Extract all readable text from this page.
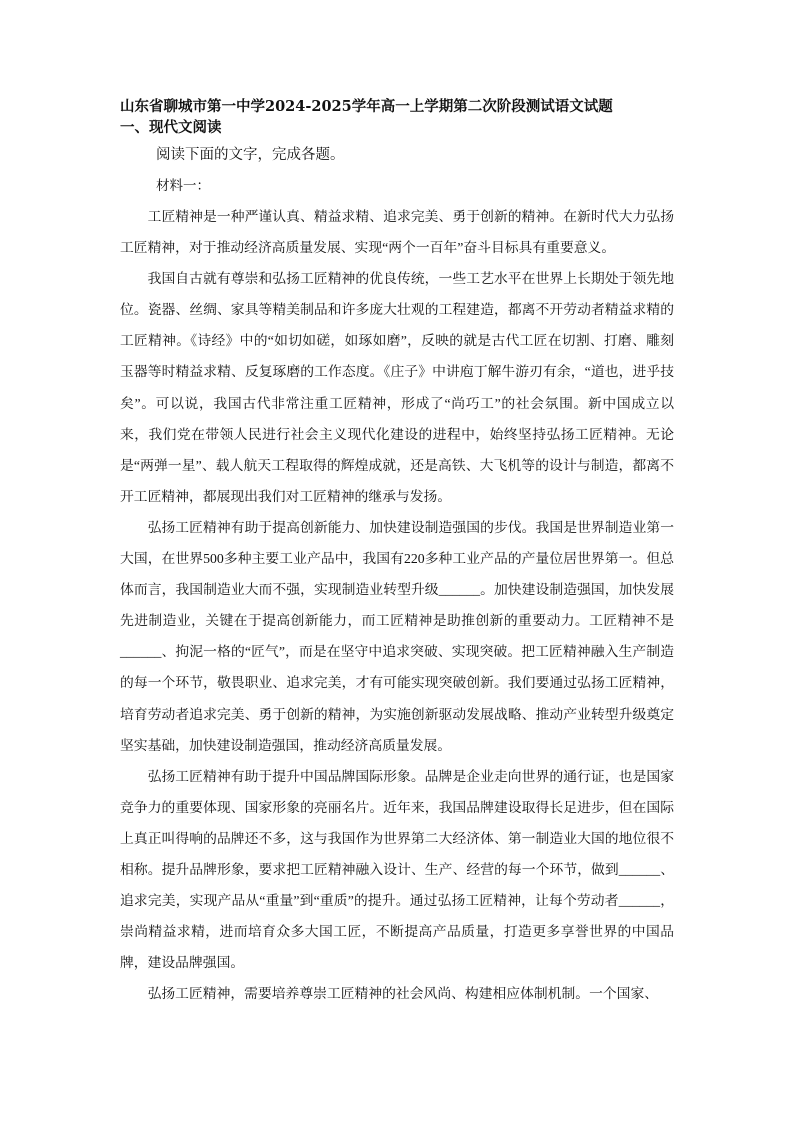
山东省聊城市第一中学2024-2025学年高一上学期第二次阶段测试语文试题
一、现代文阅读
阅读下面的文字，完成各题。
材料一：

工匠精神是一种严谨认真、精益求精、追求完美、勇于创新的精神。在新时代大力弘扬工匠精神，对于推动经济高质量发展、实现“两个一百年”奋斗目标具有重要意义。

我国自古就有尊崇和弘扬工匠精神的优良传统，一些工艺水平在世界上长期处于领先地位。瓷器、丝绸、家具等精美制品和许多庞大壮观的工程建造，都离不开劳动者精益求精的工匠精神。《诗经》中的“如切如磋，如琢如磨”，反映的就是古代工匠在切割、打磨、雕刻玉器等时精益求精、反复琢磨的工作态度。《庄子》中讲庖丁解牛游刃有余，“道也，进乎技矣”。可以说，我国古代非常注重工匠精神，形成了“尚巧工”的社会氛围。新中国成立以来，我们党在带领人民进行社会主义现代化建设的进程中，始终坚持弘扬工匠精神。无论是“两弹一星”、载人航天工程取得的辉煌成就，还是高铁、大飞机等的设计与制造，都离不开工匠精神，都展现出我们对工匠精神的继承与发扬。

弘扬工匠精神有助于提高创新能力、加快建设制造强国的步伐。我国是世界制造业第一大国，在世界500多种主要工业产品中，我国有220多种工业产品的产量位居世界第一。但总体而言，我国制造业大而不强，实现制造业转型升级______。加快建设制造强国，加快发展先进制造业，关键在于提高创新能力，而工匠精神是助推创新的重要动力。工匠精神不是______、拘泥一格的“匠气”，而是在坚守中追求突破、实现突破。把工匠精神融入生产制造的每一个环节，敬畏职业、追求完美，才有可能实现突破创新。我们要通过弘扬工匠精神，培育劳动者追求完美、勇于创新的精神，为实施创新驱动发展战略、推动产业转型升级奠定坚实基础，加快建设制造强国，推动经济高质量发展。

弘扬工匠精神有助于提升中国品牌国际形象。品牌是企业走向世界的通行证，也是国家竞争力的重要体现、国家形象的亮丽名片。近年来，我国品牌建设取得长足进步，但在国际上真正叫得响的品牌还不多，这与我国作为世界第二大经济体、第一制造业大国的地位很不相称。提升品牌形象，要求把工匠精神融入设计、生产、经营的每一个环节，做到______、追求完美，实现产品从“重量”到“重质”的提升。通过弘扬工匠精神，让每个劳动者______，崇尚精益求精，进而培育众多大国工匠，不断提高产品质量，打造更多享誉世界的中国品牌，建设品牌强国。

弘扬工匠精神，需要培养尊崇工匠精神的社会风尚、构建相应体制机制。一个国家、
